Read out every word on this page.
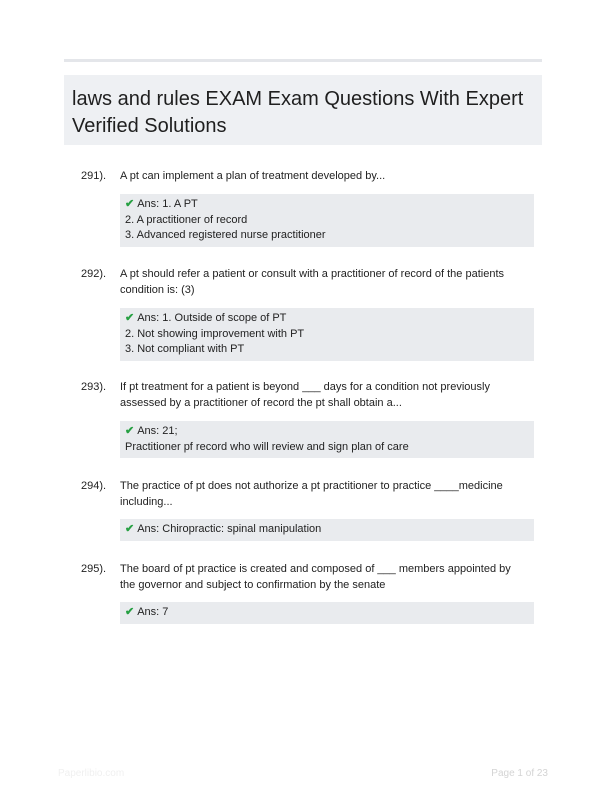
laws and rules EXAM Exam Questions With Expert Verified Solutions
291). A pt can implement a plan of treatment developed by...
✔ Ans: 1. A PT
2. A practitioner of record
3. Advanced registered nurse practitioner
292). A pt should refer a patient or consult with a practitioner of record of the patients condition is: (3)
✔ Ans: 1. Outside of scope of PT
2. Not showing improvement with PT
3. Not compliant with PT
293). If pt treatment for a patient is beyond ___ days for a condition not previously assessed by a practitioner of record the pt shall obtain a...
✔ Ans: 21;
Practitioner pf record who will review and sign plan of care
294). The practice of pt does not authorize a pt practitioner to practice ____medicine including...
✔ Ans: Chiropractic: spinal manipulation
295). The board of pt practice is created and composed of ___ members appointed by the governor and subject to confirmation by the senate
✔ Ans: 7
Paperlibio.com	Page 1 of 23
